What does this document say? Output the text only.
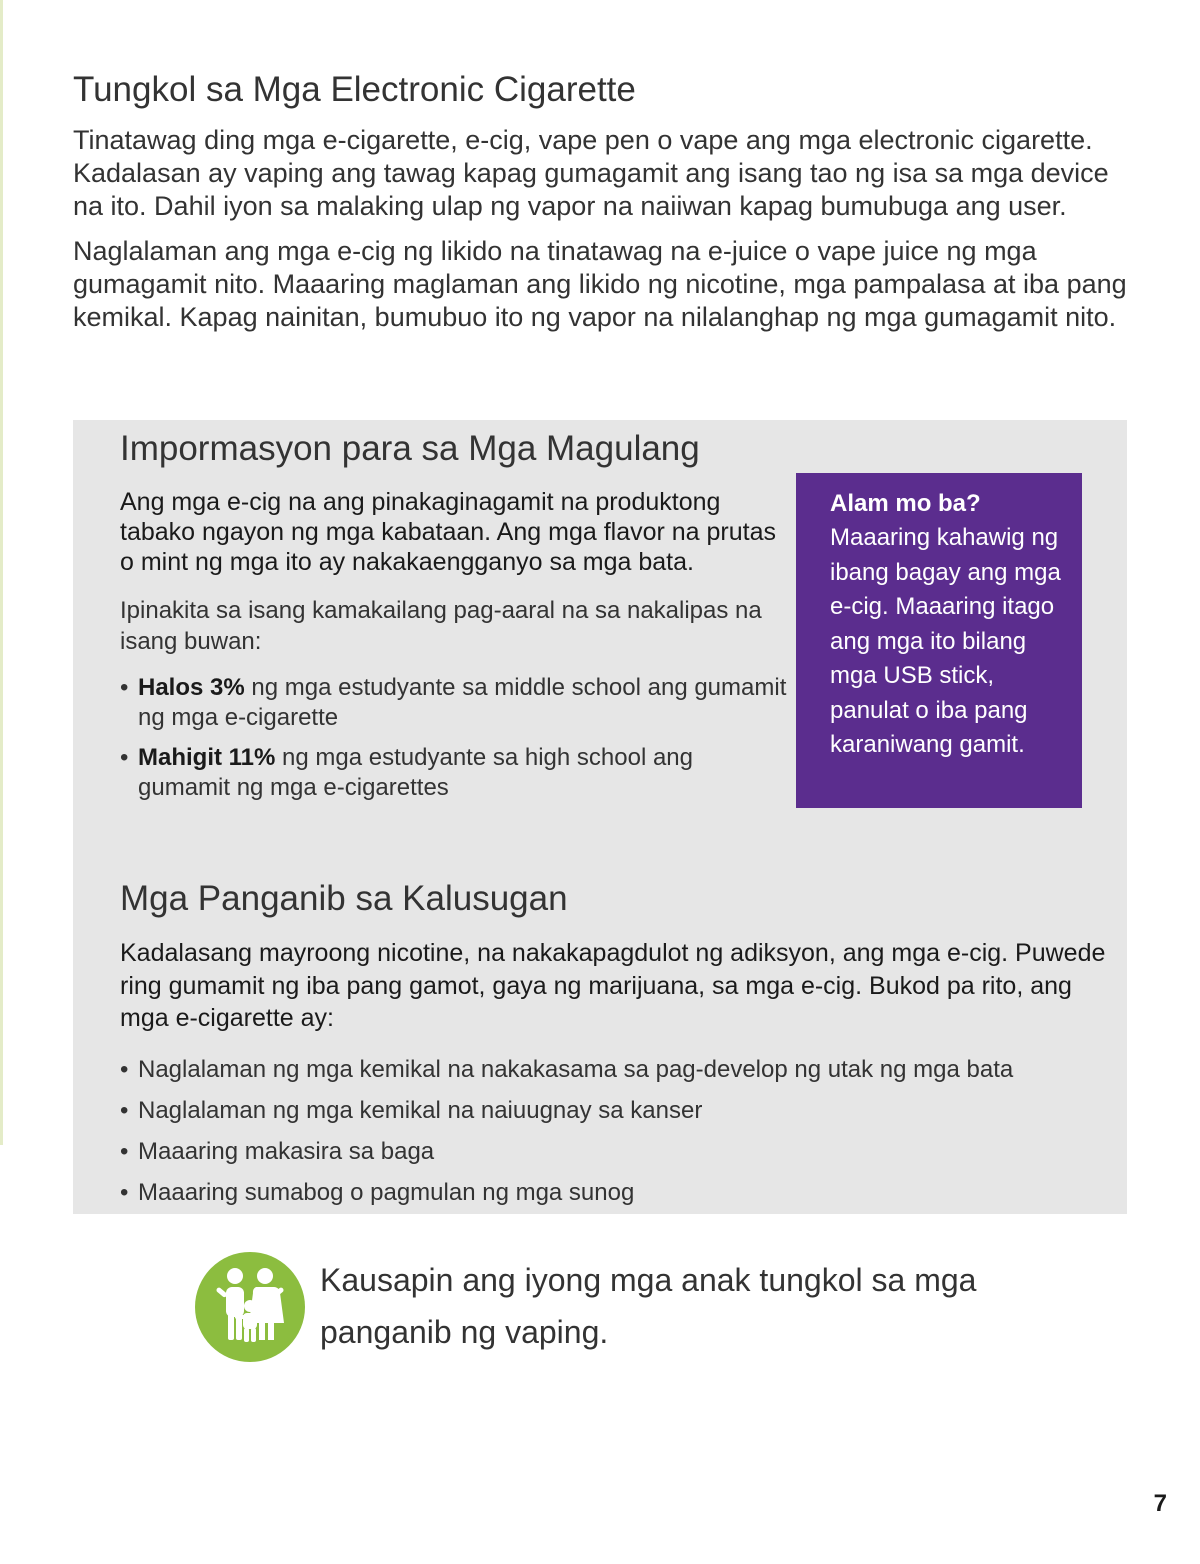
Tungkol sa Mga Electronic Cigarette

Tinatawag ding mga e-cigarette, e-cig, vape pen o vape ang mga electronic cigarette. Kadalasan ay vaping ang tawag kapag gumagamit ang isang tao ng isa sa mga device na ito. Dahil iyon sa malaking ulap ng vapor na naiiwan kapag bumubuga ang user.

Naglalaman ang mga e-cig ng likido na tinatawag na e-juice o vape juice ng mga gumagamit nito. Maaaring maglaman ang likido ng nicotine, mga pampalasa at iba pang kemikal. Kapag nainitan, bumubuo ito ng vapor na nilalanghap ng mga gumagamit nito.

Impormasyon para sa Mga Magulang

Ang mga e-cig na ang pinakaginagamit na produktong tabako ngayon ng mga kabataan. Ang mga flavor na prutas o mint ng mga ito ay nakakaengganyo sa mga bata.

Ipinakita sa isang kamakailang pag-aaral na sa nakalipas na isang buwan:

• Halos 3% ng mga estudyante sa middle school ang gumamit ng mga e-cigarette
• Mahigit 11% ng mga estudyante sa high school ang gumamit ng mga e-cigarettes

Alam mo ba?

Maaaring kahawig ng ibang bagay ang mga e-cig. Maaaring itago ang mga ito bilang mga USB stick, panulat o iba pang karaniwang gamit.

Mga Panganib sa Kalusugan

Kadalasang mayroong nicotine, na nakakapagdulot ng adiksyon, ang mga e-cig. Puwede ring gumamit ng iba pang gamot, gaya ng marijuana, sa mga e-cig. Bukod pa rito, ang mga e-cigarette ay:

• Naglalaman ng mga kemikal na nakakasama sa pag-develop ng utak ng mga bata
• Naglalaman ng mga kemikal na naiuugnay sa kanser
• Maaaring makasira sa baga
• Maaaring sumabog o pagmulan ng mga sunog
Kausapin ang iyong mga anak tungkol sa mga panganib ng vaping.
7
